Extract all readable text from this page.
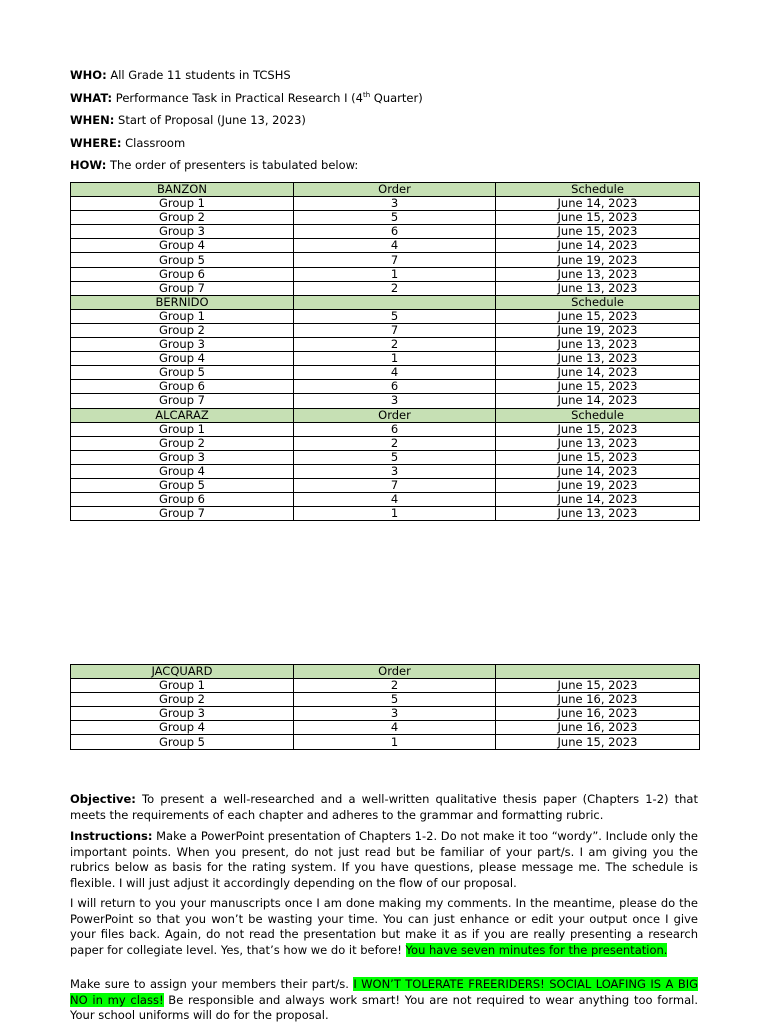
WHO: All Grade 11 students in TCSHS
WHAT: Performance Task in Practical Research I (4th Quarter)
WHEN: Start of Proposal (June 13, 2023)
WHERE: Classroom
HOW: The order of presenters is tabulated below:
BANZON	Order	Schedule
Group 1	3	June 14, 2023
Group 2	5	June 15, 2023
Group 3	6	June 15, 2023
Group 4	4	June 14, 2023
Group 5	7	June 19, 2023
Group 6	1	June 13, 2023
Group 7	2	June 13, 2023
BERNIDO		Schedule
Group 1	5	June 15, 2023
Group 2	7	June 19, 2023
Group 3	2	June 13, 2023
Group 4	1	June 13, 2023
Group 5	4	June 14, 2023
Group 6	6	June 15, 2023
Group 7	3	June 14, 2023
ALCARAZ	Order	Schedule
Group 1	6	June 15, 2023
Group 2	2	June 13, 2023
Group 3	5	June 15, 2023
Group 4	3	June 14, 2023
Group 5	7	June 19, 2023
Group 6	4	June 14, 2023
Group 7	1	June 13, 2023
JACQUARD	Order	
Group 1	2	June 15, 2023
Group 2	5	June 16, 2023
Group 3	3	June 16, 2023
Group 4	4	June 16, 2023
Group 5	1	June 15, 2023
Objective: To present a well-researched and a well-written qualitative thesis paper (Chapters 1-2) that meets the requirements of each chapter and adheres to the grammar and formatting rubric.
Instructions: Make a PowerPoint presentation of Chapters 1-2. Do not make it too “wordy”. Include only the important points. When you present, do not just read but be familiar of your part/s. I am giving you the rubrics below as basis for the rating system. If you have questions, please message me. The schedule is flexible. I will just adjust it accordingly depending on the flow of our proposal.
I will return to you your manuscripts once I am done making my comments. In the meantime, please do the PowerPoint so that you won’t be wasting your time. You can just enhance or edit your output once I give your files back. Again, do not read the presentation but make it as if you are really presenting a research paper for collegiate level. Yes, that’s how we do it before! You have seven minutes for the presentation.
Make sure to assign your members their part/s. I WON’T TOLERATE FREERIDERS! SOCIAL LOAFING IS A BIG NO in my class! Be responsible and always work smart! You are not required to wear anything too formal. Your school uniforms will do for the proposal.
